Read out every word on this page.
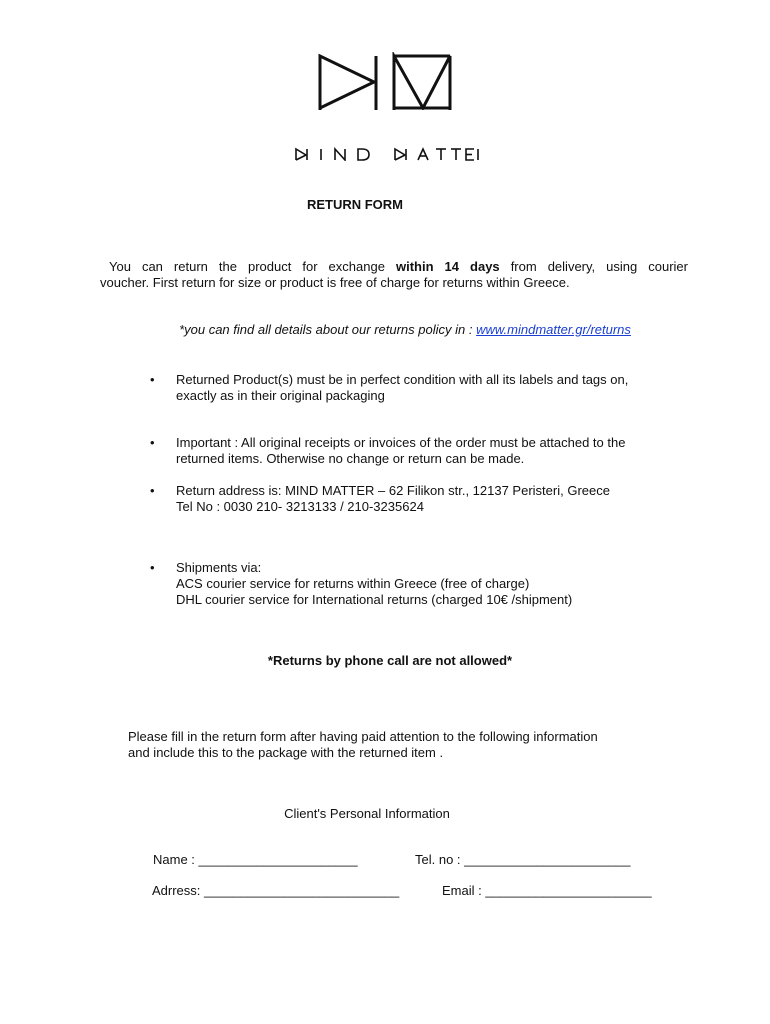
RETURN FORM
You can return the product for exchange within 14 days from delivery, using courier
voucher. First return for size or product is free of charge for returns within Greece.
*you can find all details about our returns policy in : www.mindmatter.gr/returns
• Returned Product(s) must be in perfect condition with all its labels and tags on,
exactly as in their original packaging
• Important : All original receipts or invoices of the order must be attached to the
returned items. Otherwise no change or return can be made.
• Return address is: MIND MATTER – 62 Filikon str., 12137 Peristeri, Greece
Tel No : 0030 210- 3213133 / 210-3235624
• Shipments via:
ACS courier service for returns within Greece (free of charge)
DHL courier service for International returns (charged 10€ /shipment)
*Returns by phone call are not allowed*
Please fill in the return form after having paid attention to the following information
and include this to the package with the returned item .
Client's Personal Information
Name : ______________________	Tel. no : _______________________
Adrress: ___________________________	Email : _______________________
